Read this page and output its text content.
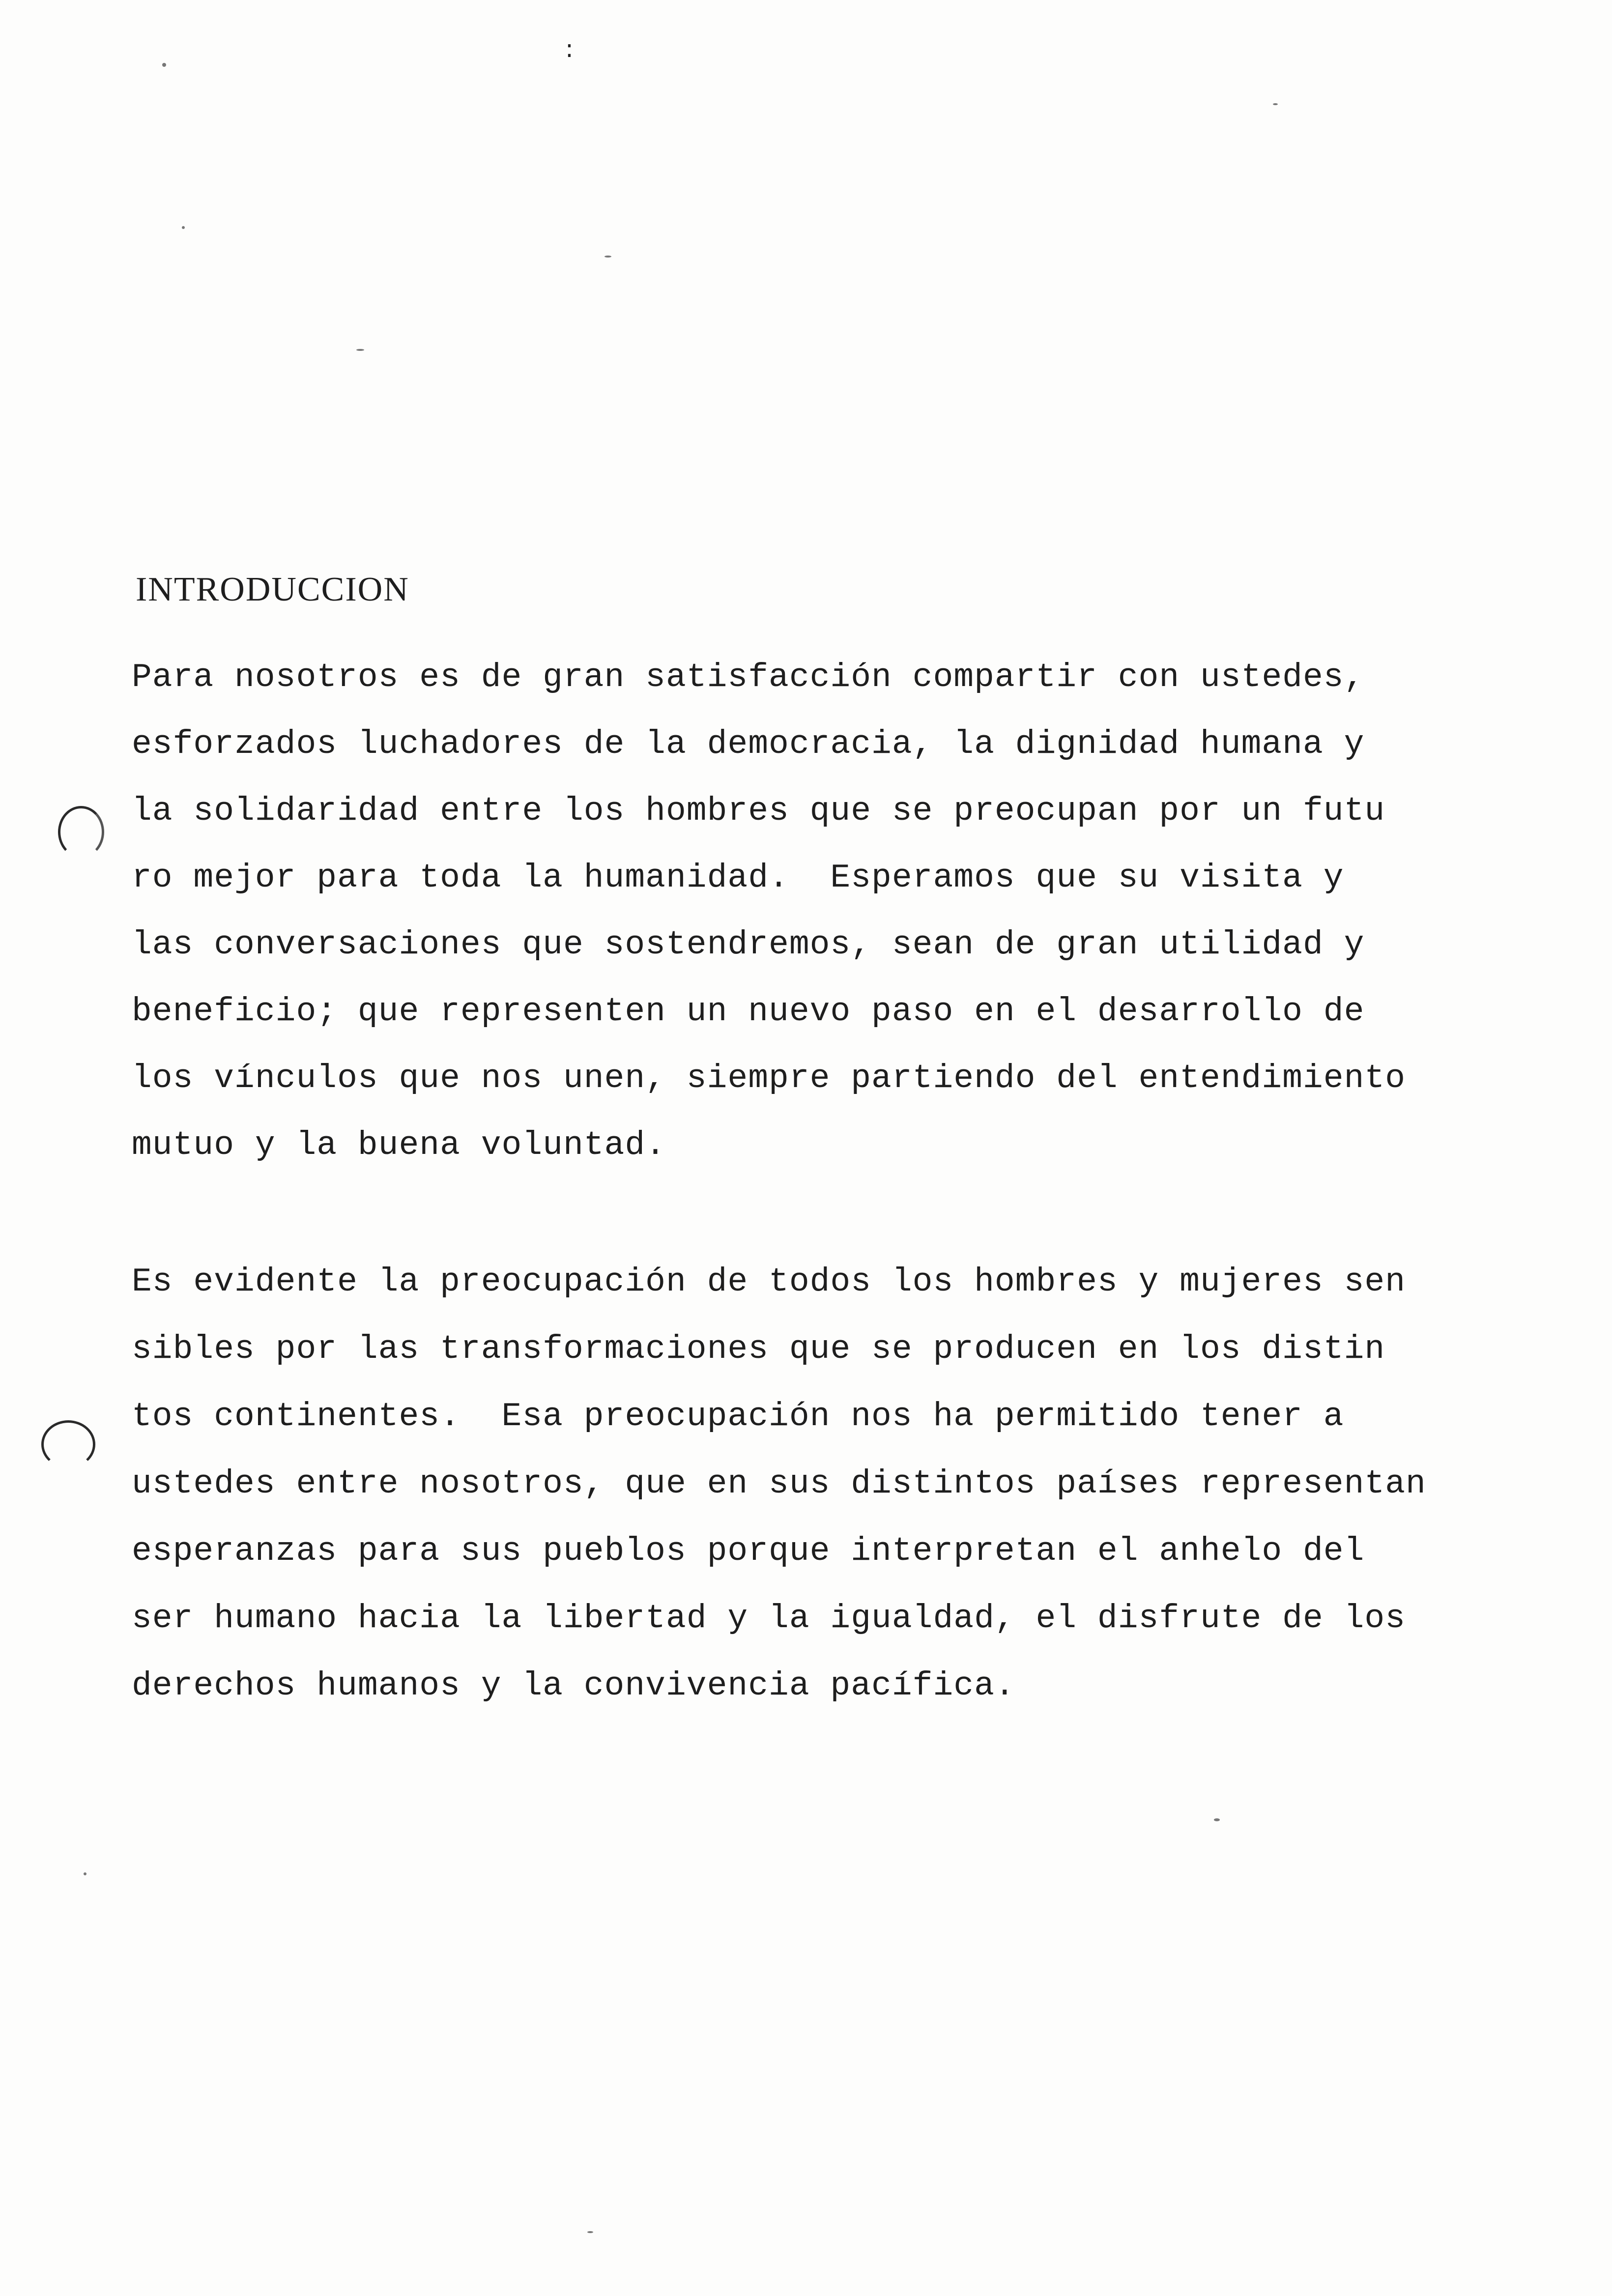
:
INTRODUCCION

Para nosotros es de gran satisfacción compartir con ustedes,

esforzados luchadores de la democracia, la dignidad humana y

la solidaridad entre los hombres que se preocupan por un futu

ro mejor para toda la humanidad.  Esperamos que su visita y

las conversaciones que sostendremos, sean de gran utilidad y

beneficio; que representen un nuevo paso en el desarrollo de

los vínculos que nos unen, siempre partiendo del entendimiento

mutuo y la buena voluntad.

Es evidente la preocupación de todos los hombres y mujeres sen

sibles por las transformaciones que se producen en los distin

tos continentes.  Esa preocupación nos ha permitido tener a

ustedes entre nosotros, que en sus distintos países representan

esperanzas para sus pueblos porque interpretan el anhelo del

ser humano hacia la libertad y la igualdad, el disfrute de los

derechos humanos y la convivencia pacífica.
